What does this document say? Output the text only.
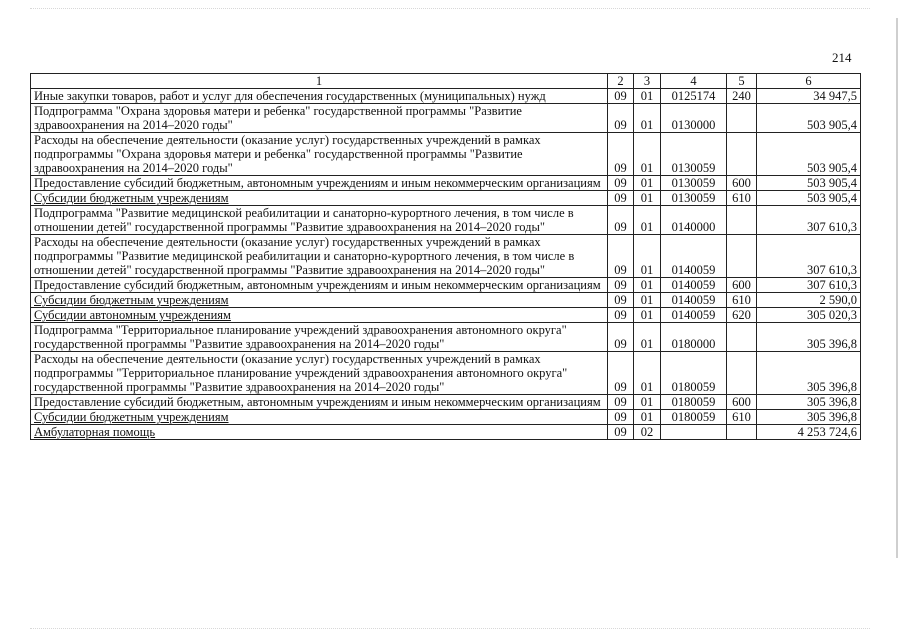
214
1	2	3	4	5	6
Иные закупки товаров, работ и услуг для обеспечения государственных (муниципальных) нужд	09	01	0125174	240	34 947,5
Подпрограмма "Охрана здоровья матери и ребенка" государственной программы "Развитие здравоохранения на 2014–2020 годы"	09	01	0130000		503 905,4
Расходы на обеспечение деятельности (оказание услуг) государственных учреждений в рамках подпрограммы "Охрана здоровья матери и ребенка" государственной программы "Развитие здравоохранения на 2014–2020 годы"	09	01	0130059		503 905,4
Предоставление субсидий бюджетным, автономным учреждениям и иным некоммерческим организациям	09	01	0130059	600	503 905,4
Субсидии бюджетным учреждениям	09	01	0130059	610	503 905,4
Подпрограмма "Развитие медицинской реабилитации и санаторно-курортного лечения, в том числе в отношении детей" государственной программы "Развитие здравоохранения на 2014–2020 годы"	09	01	0140000		307 610,3
Расходы на обеспечение деятельности (оказание услуг) государственных учреждений в рамках подпрограммы "Развитие медицинской реабилитации и санаторно-курортного лечения, в том числе в отношении детей" государственной программы "Развитие здравоохранения на 2014–2020 годы"	09	01	0140059		307 610,3
Предоставление субсидий бюджетным, автономным учреждениям и иным некоммерческим организациям	09	01	0140059	600	307 610,3
Субсидии бюджетным учреждениям	09	01	0140059	610	2 590,0
Субсидии автономным учреждениям	09	01	0140059	620	305 020,3
Подпрограмма "Территориальное планирование учреждений здравоохранения автономного округа" государственной программы "Развитие здравоохранения на 2014–2020 годы"	09	01	0180000		305 396,8
Расходы на обеспечение деятельности (оказание услуг) государственных учреждений в рамках подпрограммы "Территориальное планирование учреждений здравоохранения автономного округа" государственной программы "Развитие здравоохранения на 2014–2020 годы"	09	01	0180059		305 396,8
Предоставление субсидий бюджетным, автономным учреждениям и иным некоммерческим организациям	09	01	0180059	600	305 396,8
Субсидии бюджетным учреждениям	09	01	0180059	610	305 396,8
Амбулаторная помощь	09	02			4 253 724,6
